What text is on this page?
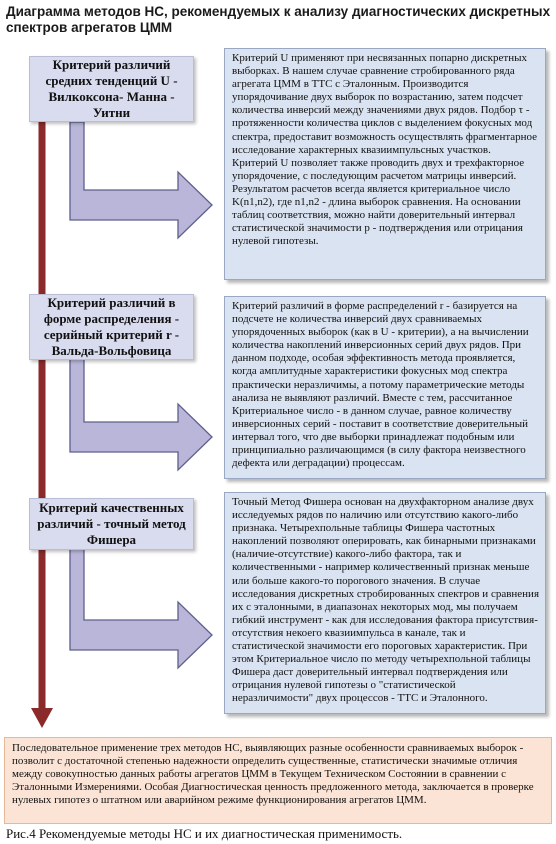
Диаграмма методов НС, рекомендуемых к анализу диагностических дискретных спектров агрегатов ЦММ
Критерий различий средних тенденций U - Вилкоксона- Манна - Уитни

Критерий U применяют при несвязанных попарно дискретных выборках. В нашем случае сравнение стробированного ряда агрегата ЦММ в ТТС с Эталонным. Производится упорядочивание двух выборок по возрастанию, затем подсчет количества инверсий между значениями двух рядов. Подбор τ - протяженности количества циклов с выделением фокусных мод спектра, предоставит возможность осуществлять фрагментарное исследование характерных квазиимпульсных участков. Критерий U позволяет также проводить двух и трехфакторное упорядочение, с последующим расчетом матрицы инверсий.

Результатом расчетов всегда является критериальное число K(n1,n2), где n1,n2 - длина выборок сравнения. На основании таблиц соответствия, можно найти доверительный интервал статистической значимости p - подтверждения или отрицания нулевой гипотезы.

Критерий различий в форме распределения - серийный критерий r - Вальда-Вольфовица

Критерий различий в форме распределений r - базируется на подсчете не количества инверсий двух сравниваемых упорядоченных выборок (как в U - критерии), а на вычислении количества накоплений инверсионных серий двух рядов. При данном подходе, особая эффективность метода проявляется, когда амплитудные характеристики фокусных мод спектра практически неразличимы, а потому параметрические методы анализа не выявляют различий. Вместе с тем, рассчитанное Критериальное число - в данном случае, равное количеству инверсионных серий - поставит в соответствие доверительный интервал того, что две выборки принадлежат подобным или принципиально различающимся (в силу фактора неизвестного дефекта или деградации) процессам.

Критерий качественных различий - точный метод Фишера

Точный Метод Фишера основан на двухфакторном анализе двух исследуемых рядов по наличию или отсутствию какого-либо признака. Четырехпольные таблицы Фишера частотных накоплений позволяют оперировать, как бинарными признаками (наличие-отсутствие) какого-либо фактора, так и количественными - например количественный признак меньше или больше какого-то порогового значения. В случае исследования дискретных стробированных спектров и сравнения их с эталонными, в диапазонах некоторых мод, мы получаем гибкий инструмент - как для исследования фактора присутствия-отсутствия некоего квазиимпульса в канале, так и статистической значимости его пороговых характеристик. При этом Критериальное число по методу четырехпольной таблицы Фишера даст доверительный интервал подтверждения или отрицания нулевой гипотезы о "статистической неразличимости" двух процессов - ТТС и Эталонного.

Последовательное применение трех методов НС, выявляющих разные особенности сравниваемых выборок - позволит с достаточной степенью надежности определить существенные, статистически значимые отличия между совокупностью данных работы агрегатов ЦММ в Текущем Техническом Состоянии в сравнении с Эталонными Измерениями. Особая Диагностическая ценность предложенного метода, заключается в проверке нулевых гипотез о штатном или аварийном режиме функционирования агрегатов ЦММ.
Рис.4 Рекомендуемые методы НС и их диагностическая применимость.
